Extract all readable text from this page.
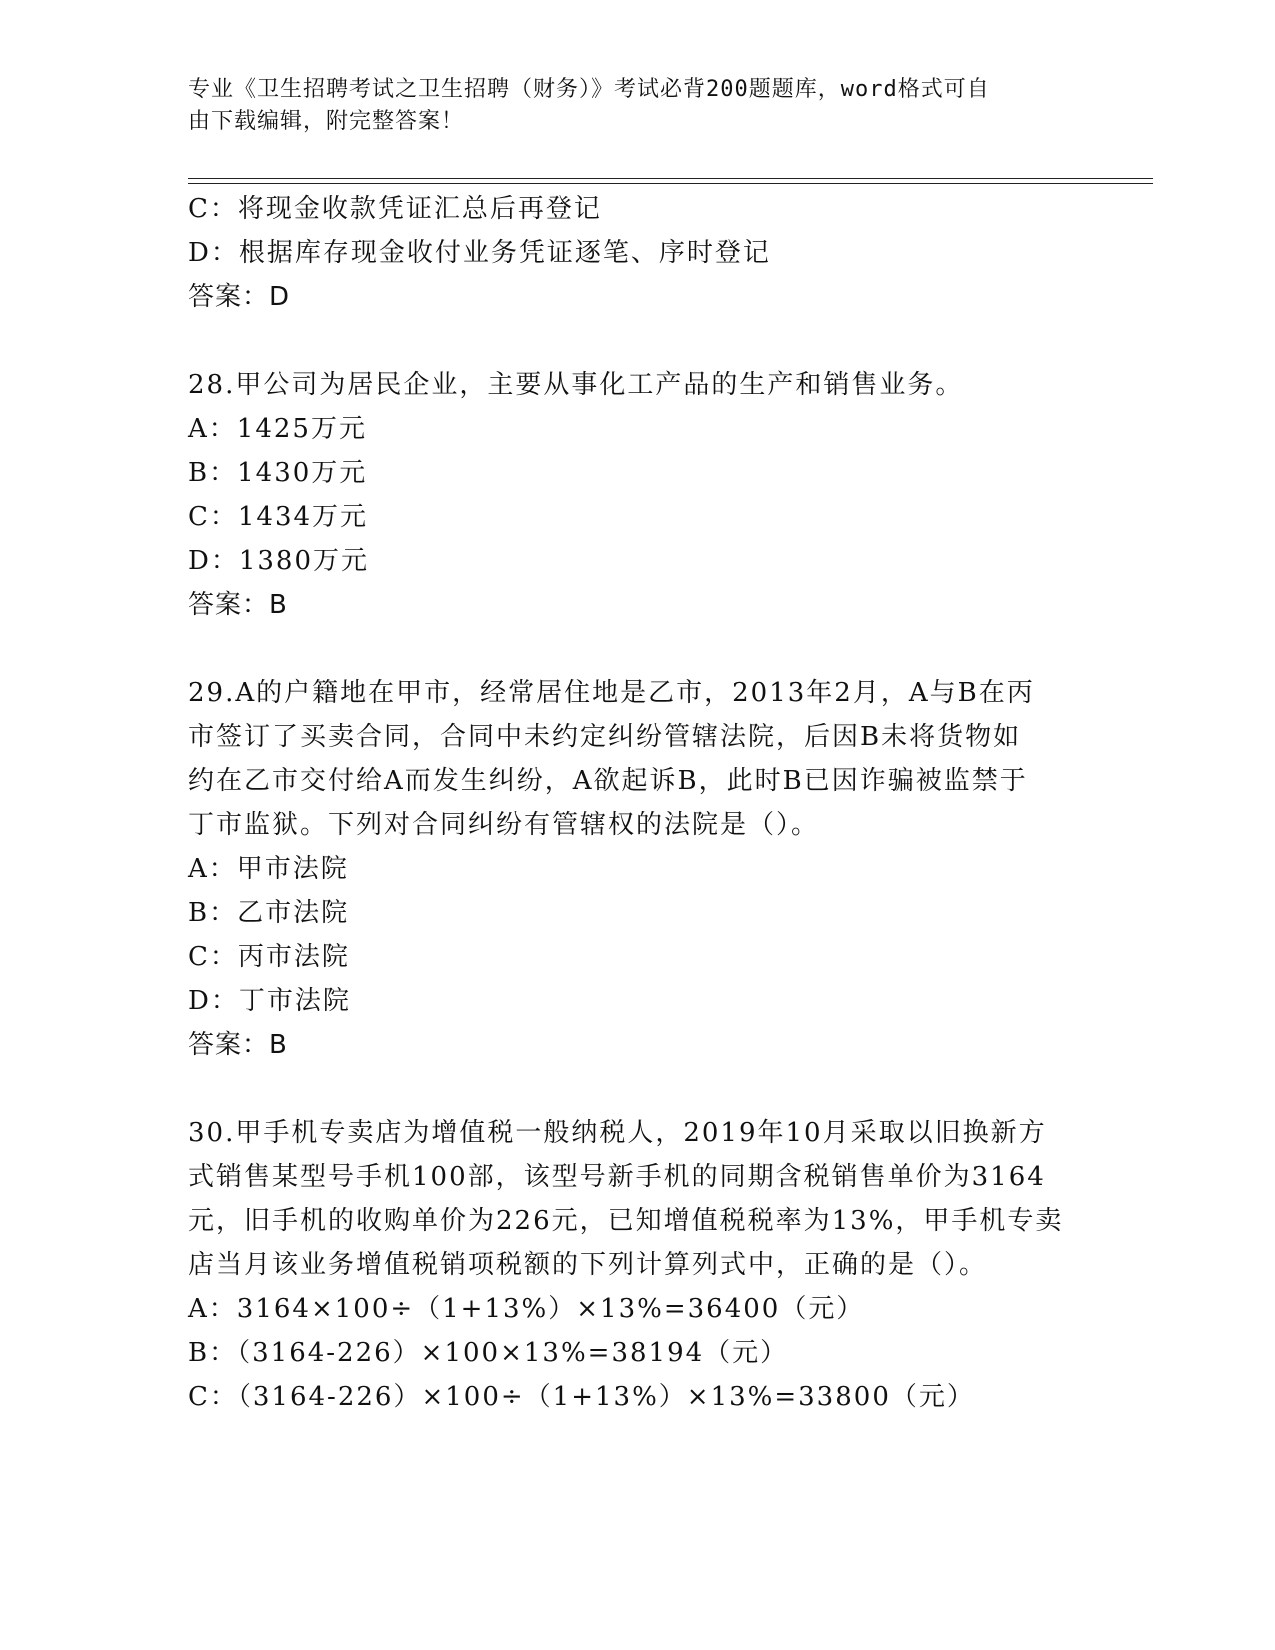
专业《卫生招聘考试之卫生招聘（财务）》考试必背200题题库，word格式可自
由下载编辑，附完整答案！
C：将现金收款凭证汇总后再登记
D：根据库存现金收付业务凭证逐笔、序时登记
答案：D
28.甲公司为居民企业，主要从事化工产品的生产和销售业务。
A：1425万元
B：1430万元
C：1434万元
D：1380万元
答案：B
29.A的户籍地在甲市，经常居住地是乙市，2013年2月，A与B在丙
市签订了买卖合同，合同中未约定纠纷管辖法院，后因B未将货物如
约在乙市交付给A而发生纠纷，A欲起诉B，此时B已因诈骗被监禁于
丁市监狱。下列对合同纠纷有管辖权的法院是（）。
A：甲市法院
B：乙市法院
C：丙市法院
D：丁市法院
答案：B
30.甲手机专卖店为增值税一般纳税人，2019年10月采取以旧换新方
式销售某型号手机100部，该型号新手机的同期含税销售单价为3164
元，旧手机的收购单价为226元，已知增值税税率为13%，甲手机专卖
店当月该业务增值税销项税额的下列计算列式中，正确的是（）。
A：3164×100÷（1+13%）×13%=36400（元）
B：（3164-226）×100×13%=38194（元）
C：（3164-226）×100÷（1+13%）×13%=33800（元）
